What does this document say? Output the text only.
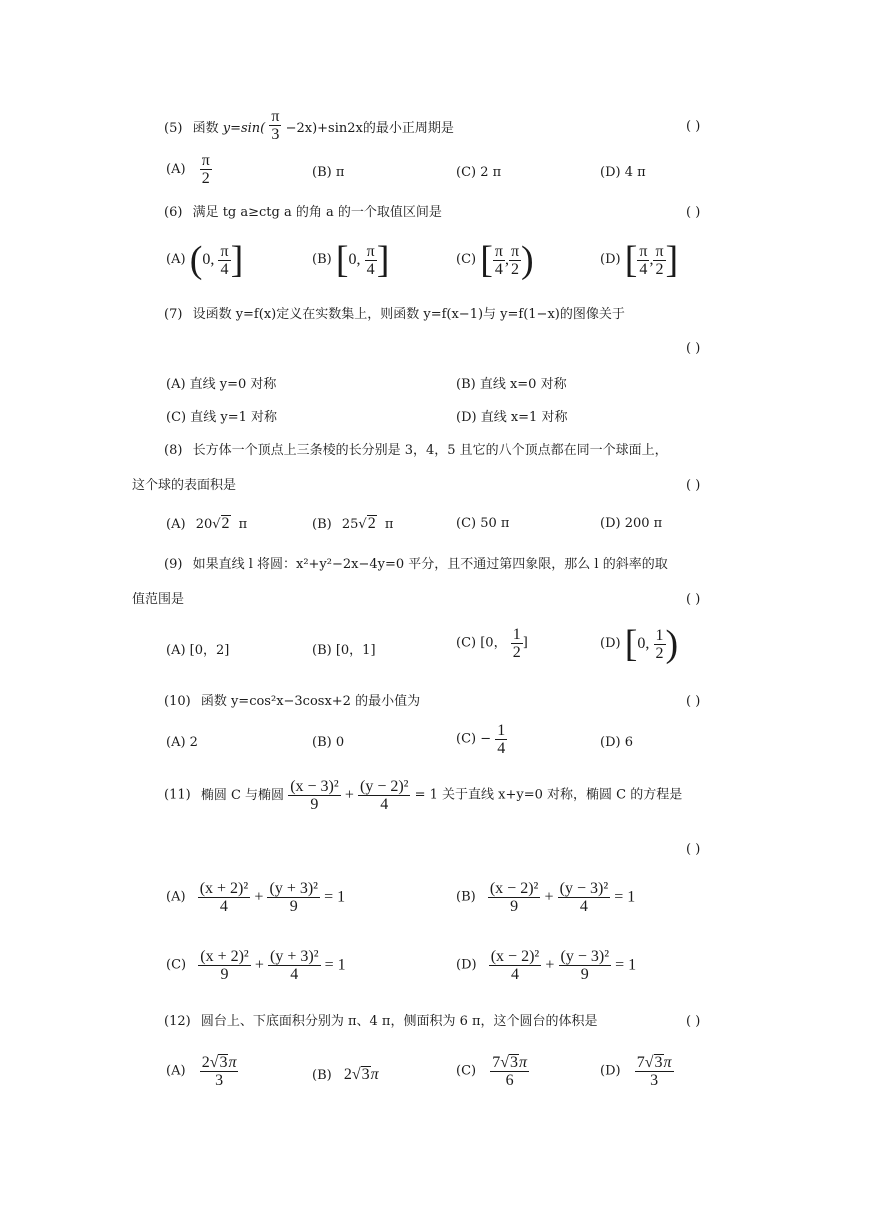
(5) 函数 $y=\sin( \frac{\pi}{3} -2x)+\sin 2x$的最小正周期是	( )
$(A) \frac{\pi}{2}$	(B) π	(C) 2 π	(D) 4 π
(6) 满足 tg a≥ctg a 的角 a 的一个取值区间是	( )
(A) (0, $\frac{\pi}{4}$ ]	(B) [0, $\frac{\pi}{4}$ ]	(C) [ $\frac{\pi}{4}$ , $\frac{\pi}{2}$ )	(D) [ $\frac{\pi}{4}$ , $\frac{\pi}{2}$ ]
(7) 设函数 y=f(x)定义在实数集上，则函数 y=f(x−1)与 y=f(1−x)的图像关于
( )
(A) 直线 y=0 对称	(B) 直线 x=0 对称
(C) 直线 y=1 对称	(D) 直线 x=1 对称
(8) 长方体一个顶点上三条棱的长分别是 3，4，5 且它的八个顶点都在同一个球面上，
这个球的表面积是	( )
(A) 20√2 π	(B) 25√2 π	(C) 50 π	(D) 200 π
(9) 如果直线 l 将圆：x²+y²−2x−4y=0 平分，且不通过第四象限，那么 l 的斜率的取
值范围是	( )
(A) [0，2]	(B) [0，1]	(C) [0， $\frac{1}{2}$ ]	(D) [0, $\frac{1}{2}$ )
(10) 函数 y=cos²x−3cosx+2 的最小值为	( )
(A) 2	(B) 0	$(C) - \frac{1}{4}$	(D) 6
(11) 椭圆 C 与椭圆 $\frac{\text{(x − 3)²}}{9} + \frac{\text{(y − 2)²}}{4} = 1$ 关于直线 x+y=0 对称，椭圆 C 的方程是
( )
$(A) \frac{\text{(x + 2)²}}{4} + \frac{\text{(y + 3)²}}{9} = 1$	$(B) \frac{\text{(x − 2)²}}{9} + \frac{\text{(y − 3)²}}{4} = 1$
$(C) \frac{\text{(x + 2)²}}{9} + \frac{\text{(y + 3)²}}{4} = 1$	$(D) \frac{\text{(x − 2)²}}{4} + \frac{\text{(y − 3)²}}{9} = 1$
(12) 圆台上、下底面积分别为 π、4 π，侧面积为 6 π，这个圆台的体积是	( )
$(A) \frac{2√3\pi}{3}$	(B) 2√3π	$(C) \frac{7√3\pi}{6}$	$(D) \frac{7√3\pi}{3}$
